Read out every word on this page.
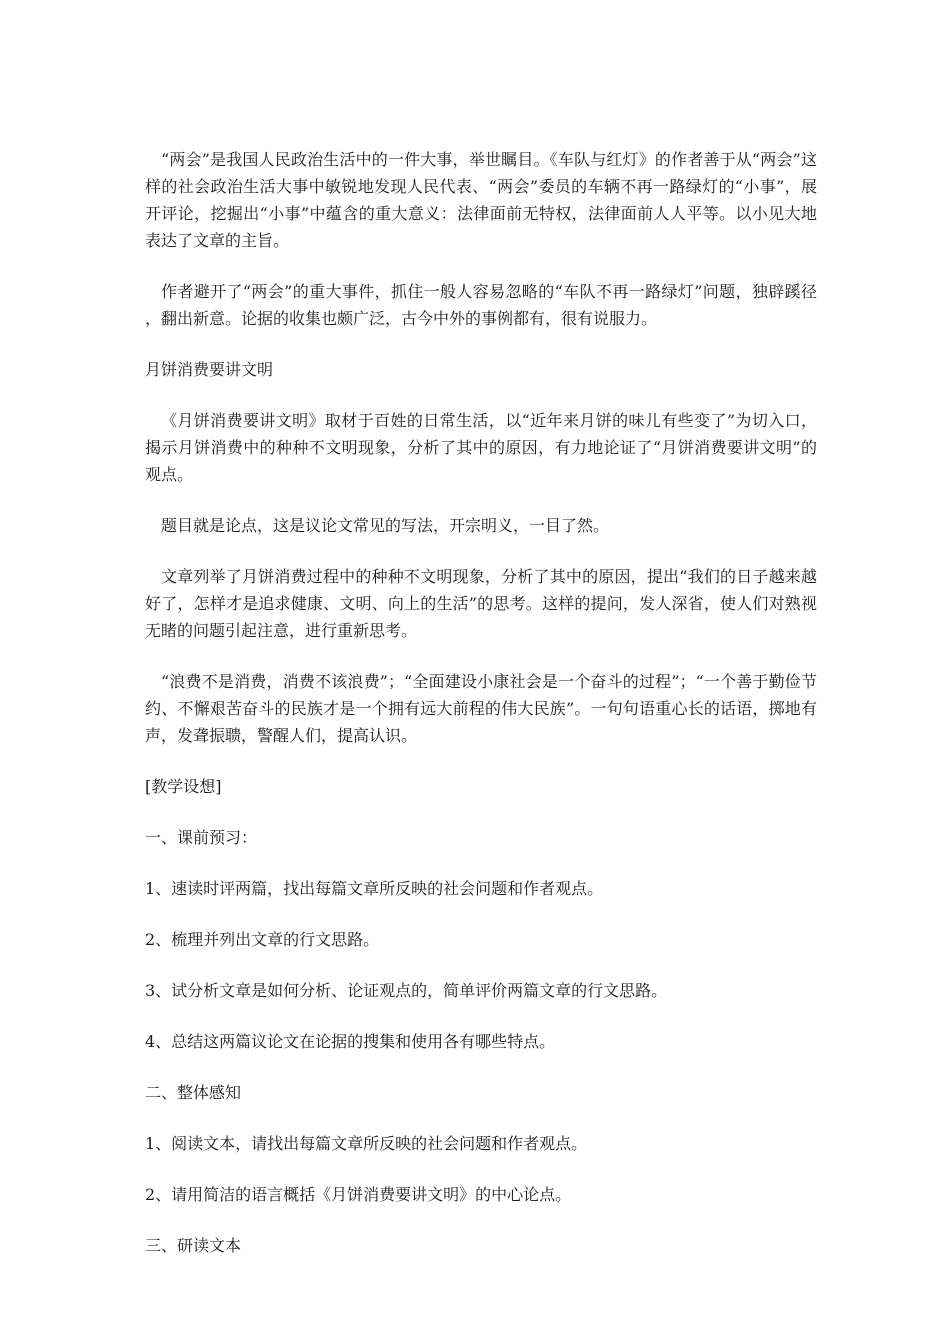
“两会”是我国人民政治生活中的一件大事，举世瞩目。《车队与红灯》的作者善于从“两会”这样的社会政治生活大事中敏锐地发现人民代表、“两会”委员的车辆不再一路绿灯的“小事”，展开评论，挖掘出“小事”中蕴含的重大意义：法律面前无特权，法律面前人人平等。以小见大地表达了文章的主旨。

作者避开了“两会”的重大事件，抓住一般人容易忽略的“车队不再一路绿灯”问题，独辟蹊径，翻出新意。论据的收集也颇广泛，古今中外的事例都有，很有说服力。

月饼消费要讲文明

《月饼消费要讲文明》取材于百姓的日常生活，以“近年来月饼的味儿有些变了”为切入口，揭示月饼消费中的种种不文明现象，分析了其中的原因，有力地论证了“月饼消费要讲文明”的观点。

题目就是论点，这是议论文常见的写法，开宗明义，一目了然。

文章列举了月饼消费过程中的种种不文明现象，分析了其中的原因，提出“我们的日子越来越好了，怎样才是追求健康、文明、向上的生活”的思考。这样的提问，发人深省，使人们对熟视无睹的问题引起注意，进行重新思考。

“浪费不是消费，消费不该浪费”；“全面建设小康社会是一个奋斗的过程”；“一个善于勤俭节约、不懈艰苦奋斗的民族才是一个拥有远大前程的伟大民族”。一句句语重心长的话语，掷地有声，发聋振聩，警醒人们，提高认识。

[教学设想]

一、课前预习：

1、速读时评两篇，找出每篇文章所反映的社会问题和作者观点。

2、梳理并列出文章的行文思路。

3、试分析文章是如何分析、论证观点的，简单评价两篇文章的行文思路。

4、总结这两篇议论文在论据的搜集和使用各有哪些特点。

二、整体感知

1、阅读文本，请找出每篇文章所反映的社会问题和作者观点。

2、请用简洁的语言概括《月饼消费要讲文明》的中心论点。

三、研读文本
